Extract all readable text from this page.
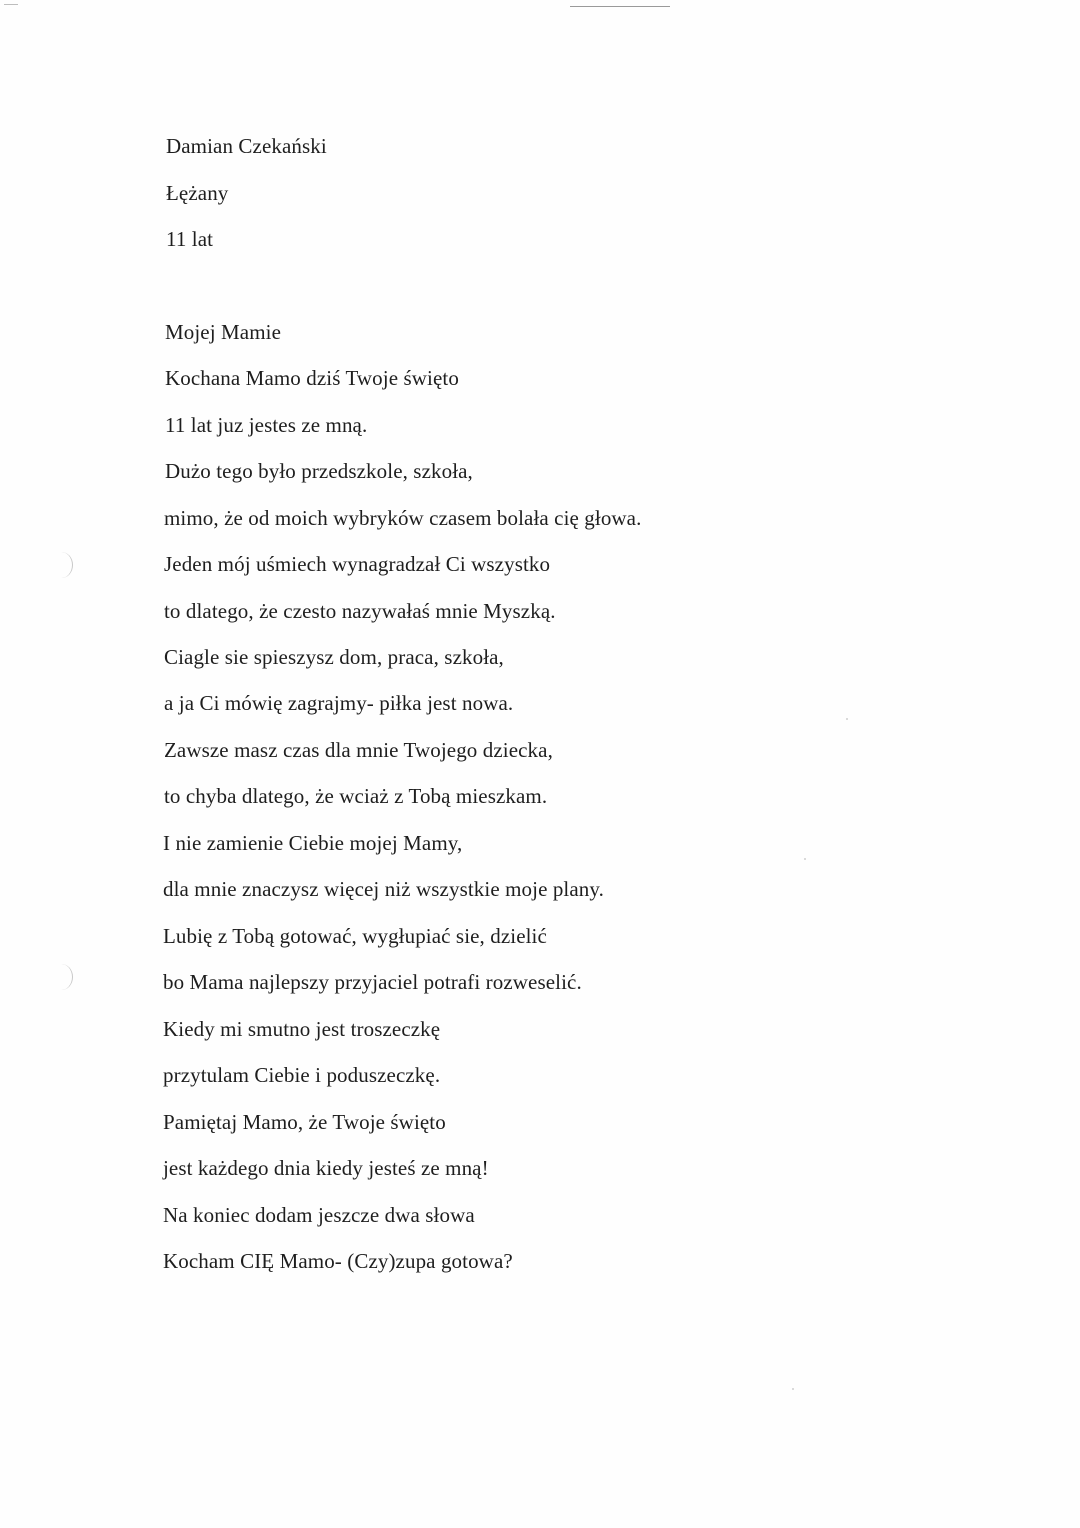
Damian Czekański
Łężany
11 lat
Mojej Mamie
Kochana Mamo dziś Twoje święto
11 lat juz jestes ze mną.
Dużo tego było przedszkole, szkoła,
mimo, że od moich wybryków czasem bolała cię głowa.
Jeden mój uśmiech wynagradzał Ci wszystko
to dlatego, że czesto nazywałaś mnie Myszką.
Ciagle sie spieszysz dom, praca, szkoła,
a ja Ci mówię zagrajmy- piłka jest nowa.
Zawsze masz czas dla mnie Twojego dziecka,
to chyba dlatego, że wciaż z Tobą mieszkam.
I nie zamienie Ciebie mojej Mamy,
dla mnie znaczysz więcej niż wszystkie moje plany.
Lubię z Tobą gotować, wygłupiać sie, dzielić
bo Mama najlepszy przyjaciel potrafi rozweselić.
Kiedy mi smutno jest troszeczkę
przytulam Ciebie i poduszeczkę.
Pamiętaj Mamo, że Twoje święto
jest każdego dnia kiedy jesteś ze mną!
Na koniec dodam jeszcze dwa słowa
Kocham CIĘ Mamo- (Czy)zupa gotowa?
